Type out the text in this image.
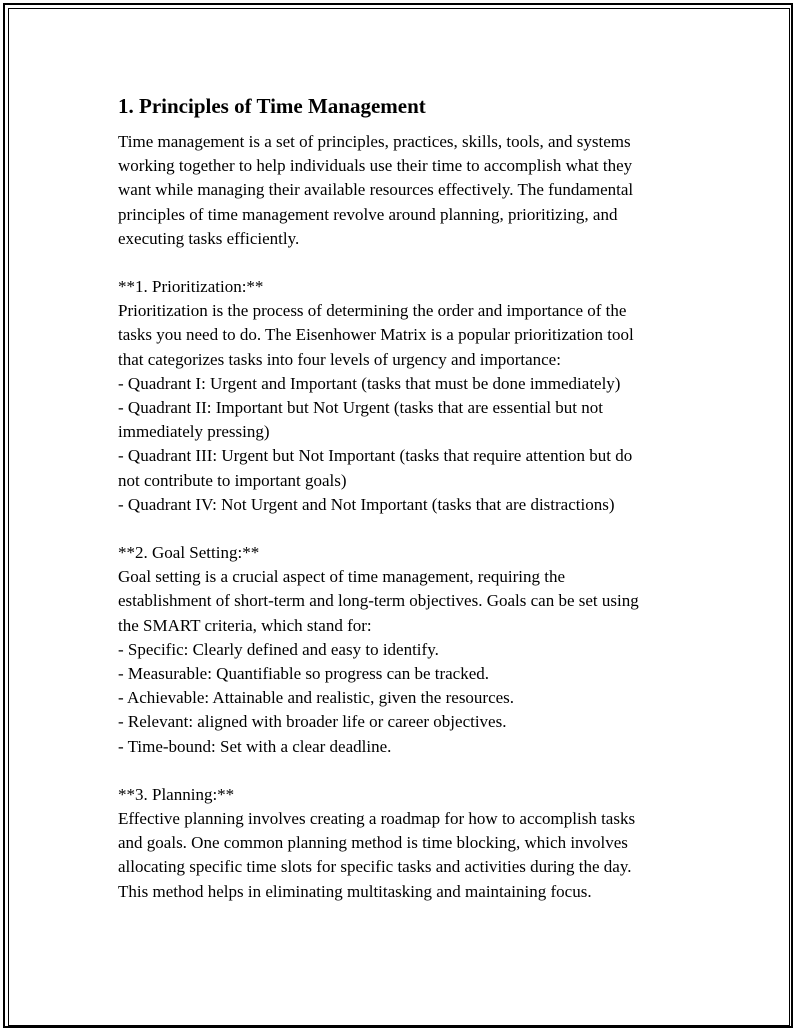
1. Principles of Time Management

Time management is a set of principles, practices, skills, tools, and systems
working together to help individuals use their time to accomplish what they
want while managing their available resources effectively. The fundamental
principles of time management revolve around planning, prioritizing, and
executing tasks efficiently.

**1. Prioritization:**

Prioritization is the process of determining the order and importance of the
tasks you need to do. The Eisenhower Matrix is a popular prioritization tool
that categorizes tasks into four levels of urgency and importance:
- Quadrant I: Urgent and Important (tasks that must be done immediately)
- Quadrant II: Important but Not Urgent (tasks that are essential but not
immediately pressing)
- Quadrant III: Urgent but Not Important (tasks that require attention but do
not contribute to important goals)
- Quadrant IV: Not Urgent and Not Important (tasks that are distractions)

**2. Goal Setting:**

Goal setting is a crucial aspect of time management, requiring the
establishment of short-term and long-term objectives. Goals can be set using
the SMART criteria, which stand for:
- Specific: Clearly defined and easy to identify.
- Measurable: Quantifiable so progress can be tracked.
- Achievable: Attainable and realistic, given the resources.
- Relevant: aligned with broader life or career objectives.
- Time-bound: Set with a clear deadline.

**3. Planning:**

Effective planning involves creating a roadmap for how to accomplish tasks
and goals. One common planning method is time blocking, which involves
allocating specific time slots for specific tasks and activities during the day.
This method helps in eliminating multitasking and maintaining focus.
